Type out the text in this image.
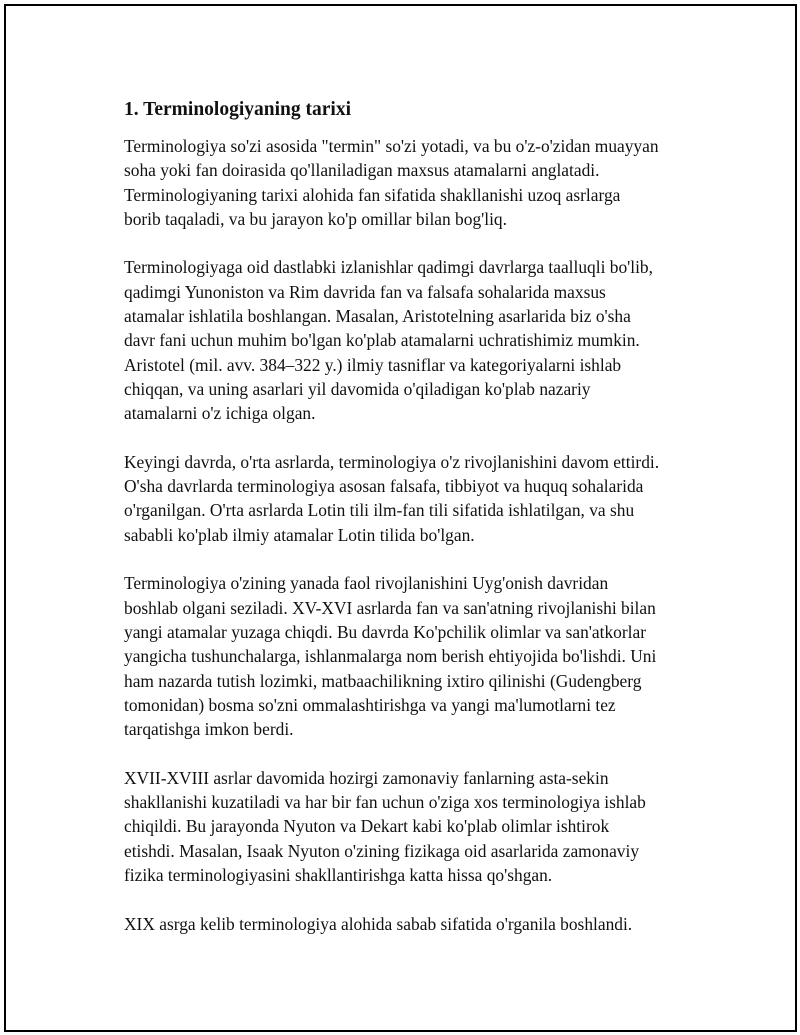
1. Terminologiyaning tarixi
Terminologiya so'zi asosida "termin" so'zi yotadi, va bu o'z-o'zidan muayyan
soha yoki fan doirasida qo'llaniladigan maxsus atamalarni anglatadi.
Terminologiyaning tarixi alohida fan sifatida shakllanishi uzoq asrlarga
borib taqaladi, va bu jarayon ko'p omillar bilan bog'liq.
Terminologiyaga oid dastlabki izlanishlar qadimgi davrlarga taalluqli bo'lib,
qadimgi Yunoniston va Rim davrida fan va falsafa sohalarida maxsus
atamalar ishlatila boshlangan. Masalan, Aristotelning asarlarida biz o'sha
davr fani uchun muhim bo'lgan ko'plab atamalarni uchratishimiz mumkin.
Aristotel (mil. avv. 384–322 y.) ilmiy tasniflar va kategoriyalarni ishlab
chiqqan, va uning asarlari yil davomida o'qiladigan ko'plab nazariy
atamalarni o'z ichiga olgan.
Keyingi davrda, o'rta asrlarda, terminologiya o'z rivojlanishini davom ettirdi.
O'sha davrlarda terminologiya asosan falsafa, tibbiyot va huquq sohalarida
o'rganilgan. O'rta asrlarda Lotin tili ilm-fan tili sifatida ishlatilgan, va shu
sababli ko'plab ilmiy atamalar Lotin tilida bo'lgan.
Terminologiya o'zining yanada faol rivojlanishini Uyg'onish davridan
boshlab olgani seziladi. XV-XVI asrlarda fan va san'atning rivojlanishi bilan
yangi atamalar yuzaga chiqdi. Bu davrda Ko'pchilik olimlar va san'atkorlar
yangicha tushunchalarga, ishlanmalarga nom berish ehtiyojida bo'lishdi. Uni
ham nazarda tutish lozimki, matbaachilikning ixtiro qilinishi (Gudengberg
tomonidan) bosma so'zni ommalashtirishga va yangi ma'lumotlarni tez
tarqatishga imkon berdi.
XVII-XVIII asrlar davomida hozirgi zamonaviy fanlarning asta-sekin
shakllanishi kuzatiladi va har bir fan uchun o'ziga xos terminologiya ishlab
chiqildi. Bu jarayonda Nyuton va Dekart kabi ko'plab olimlar ishtirok
etishdi. Masalan, Isaak Nyuton o'zining fizikaga oid asarlarida zamonaviy
fizika terminologiyasini shakllantirishga katta hissa qo'shgan.
XIX asrga kelib terminologiya alohida sabab sifatida o'rganila boshlandi.
